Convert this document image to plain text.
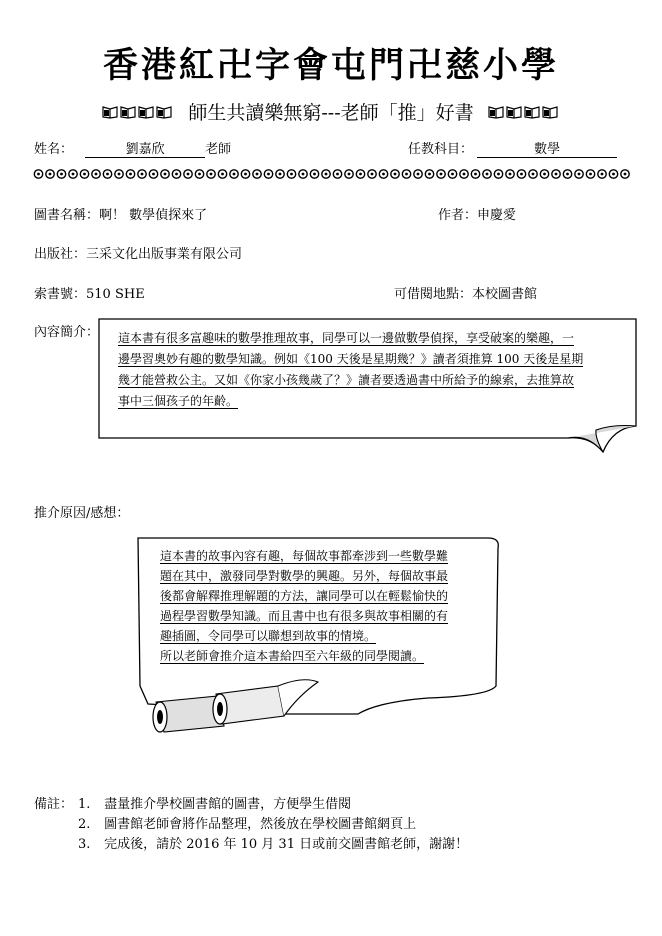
香港紅卍字會屯門卍慈小學
師生共讀樂無窮---老師「推」好書
姓名：	劉嘉欣	老師	任教科目：	數學
圖書名稱：啊！ 數學偵探來了	作者：申慶愛
出版社：三采文化出版事業有限公司
索書號：510 SHE	可借閱地點：本校圖書館
內容簡介： 這本書有很多富趣味的數學推理故事，同學可以一邊做數學偵探，享受破案的樂趣，一
邊學習奧妙有趣的數學知識。例如《100 天後是星期幾？》讀者須推算 100 天後是星期
幾才能營救公主。又如《你家小孩幾歲了？》讀者要透過書中所給予的線索，去推算故
事中三個孩子的年齡。
推介原因/感想：
這本書的故事內容有趣，每個故事都牽涉到一些數學難
題在其中，激發同學對數學的興趣。另外，每個故事最
後都會解釋推理解題的方法，讓同學可以在輕鬆愉快的
過程學習數學知識。而且書中也有很多與故事相關的有
趣插圖，令同學可以聯想到故事的情境。
所以老師會推介這本書給四至六年級的同學閱讀。
備註： 1. 盡量推介學校圖書館的圖書，方便學生借閱
2. 圖書館老師會將作品整理，然後放在學校圖書館網頁上
3. 完成後，請於 2016 年 10 月 31 日或前交圖書館老師，謝謝！
